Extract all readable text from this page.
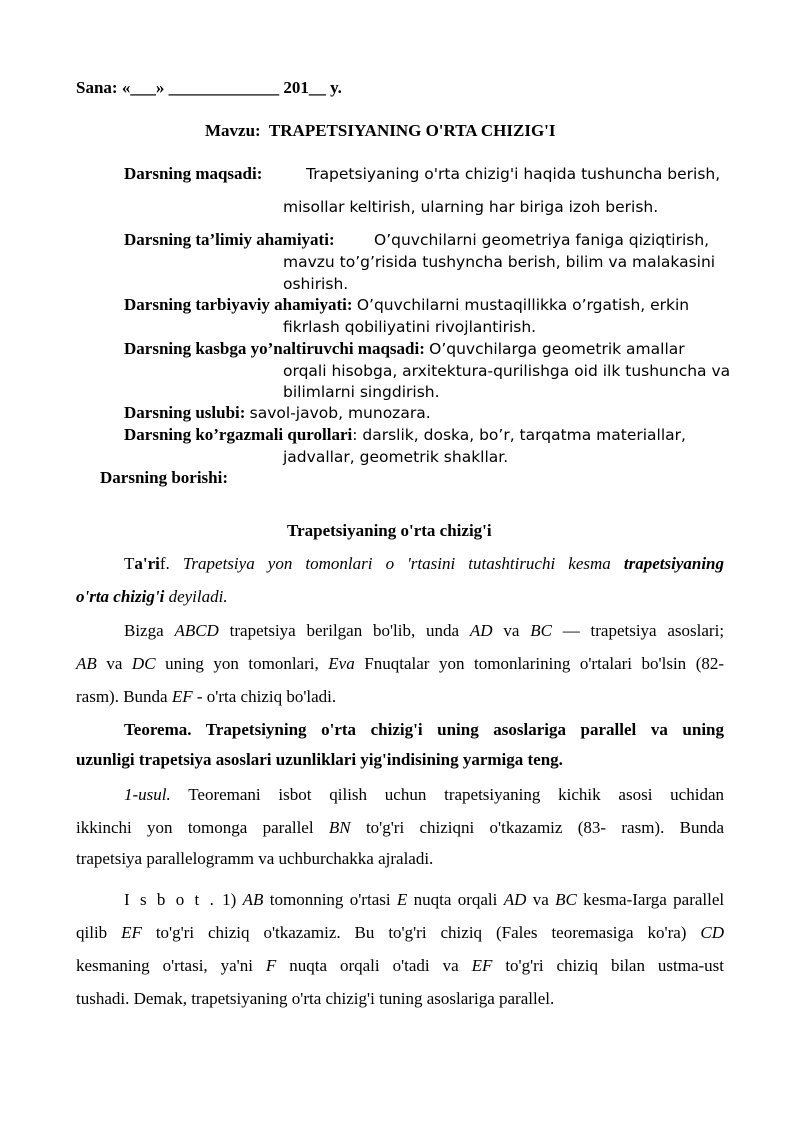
Sana: «___» _____________ 201__ y.
Mavzu: TRAPETSIYANING O'RTA CHIZIG'I
Darsning maqsadi:	Trapetsiyaning o'rta chizig'i haqida tushuncha berish,
misollar keltirish, ularning har biriga izoh berish.
Darsning ta’limiy ahamiyati:	O’quvchilarni geometriya faniga qiziqtirish,
mavzu to’g’risida tushyncha berish, bilim va malakasini
oshirish.
Darsning tarbiyaviy ahamiyati: O’quvchilarni mustaqillikka o’rgatish, erkin
fikrlash qobiliyatini rivojlantirish.
Darsning kasbga yo’naltiruvchi maqsadi: O’quvchilarga geometrik amallar
orqali hisobga, arxitektura-qurilishga oid ilk tushuncha va
bilimlarni singdirish.
Darsning uslubi: savol-javob, munozara.
Darsning ko’rgazmali qurollari: darslik, doska, bo’r, tarqatma materiallar,
jadvallar, geometrik shakllar.
Darsning borishi:
Trapetsiyaning o'rta chizig'i
Ta'rif. Trapetsiya yon tomonlari o 'rtasini tutashtiruchi kesma trapetsiyaning
o'rta chizig'i deyiladi.
Bizga ABCD trapetsiya berilgan bo'lib, unda AD va BC — trapetsiya asoslari;
AB va DC uning yon tomonlari, Eva Fnuqtalar yon tomonlarining o'rtalari bo'lsin (82-
rasm). Bunda EF - o'rta chiziq bo'ladi.
Teorema. Trapetsiyning o'rta chizig'i uning asoslariga parallel va uning
uzunligi trapetsiya asoslari uzunliklari yig'indisining yarmiga teng.
1-usul. Teoremani isbot qilish uchun trapetsiyaning kichik asosi uchidan
ikkinchi yon tomonga parallel BN to'g'ri chiziqni o'tkazamiz (83- rasm). Bunda
trapetsiya parallelogramm va uchburchakka ajraladi.
I s b o t . 1) AB tomonning o'rtasi E nuqta orqali AD va BC kesma-Iarga parallel
qilib EF to'g'ri chiziq o'tkazamiz. Bu to'g'ri chiziq (Fales teoremasiga ko'ra) CD
kesmaning o'rtasi, ya'ni F nuqta orqali o'tadi va EF to'g'ri chiziq bilan ustma-ust
tushadi. Demak, trapetsiyaning o'rta chizig'i tuning asoslariga parallel.
